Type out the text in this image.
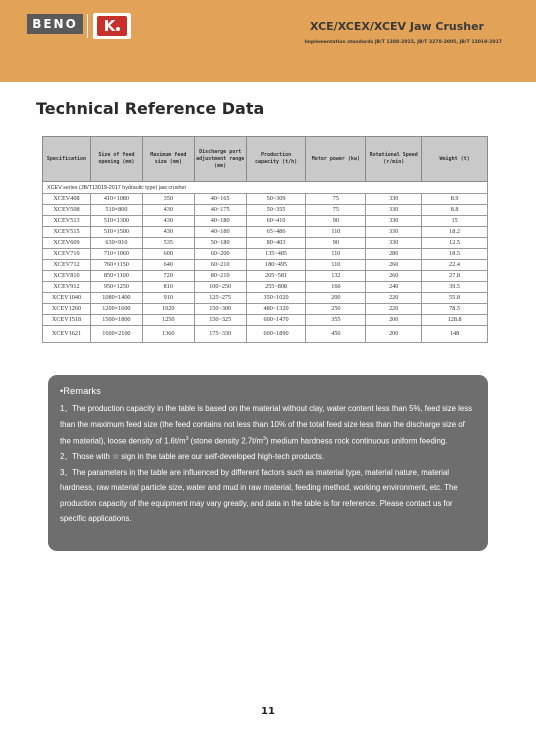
BENO	K	XCE/XCEX/XCEV Jaw Crusher
Implementation standards JB/T 1388-2015, JB/T 3270-2005, JB/T 13019-2017
Technical Reference Data
Specification	Size of feed opening (mm)	Maximum feed size (mm)	Discharge port adjustment range (mm)	Production capacity (t/h)	Motor power (kw)	Rotational Speed (r/min)	Weight (t)
XCEV series (JB/T13019-2017 hydraulic type) jaw crusher							
XCEV408	410×1080	350	40~165	50~309	75	330	8.9
XCEV508	510×800	430	40~175	50~355	75	330	8.8
XCEV513	510×1300	430	40~180	60~410	90	330	15
XCEV515	510×1500	430	40~180	65~486	110	330	18.2
XCEV609	630×910	535	50~180	80~403	90	330	12.5
XCEV710	710×1060	600	60~200	135~485	110	280	18.5
XCEV712	760×1150	640	60~210	180~495	110	260	22.4
XCEV810	850×1100	720	80~210	205~581	132	260	27.8
XCEV912	950×1250	810	100~250	255~808	160	240	39.5
XCEV1040	1080×1400	910	125~275	350~1020	200	220	55.8
XCEV1260	1200×1600	1020	150~300	480~1320	250	220	78.5
XCEV1518	1500×1800	1250	150~325	600~1470	355	200	128.8
XCEV1621	1600×2100	1360	175~330	600~1890	450	200	148
•Remarks

1、The production capacity in the table is based on the material without clay, water content less than 5%, feed size less than the maximum feed size (the feed contains not less than 10% of the total feed size less than the discharge size of the material), loose density of $1.6t/m^3$ (stone density $2.7t/m^3$) medium hardness rock continuous uniform feeding.

2、Those with ☆ sign in the table are our self-developed high-tech products.

3、The parameters in the table are influenced by different factors such as material type, material nature, material hardness, raw material particle size, water and mud in raw material, feeding method, working environment, etc. The production capacity of the equipment may vary greatly, and data in the table is for reference. Please contact us for specific applications.

11
